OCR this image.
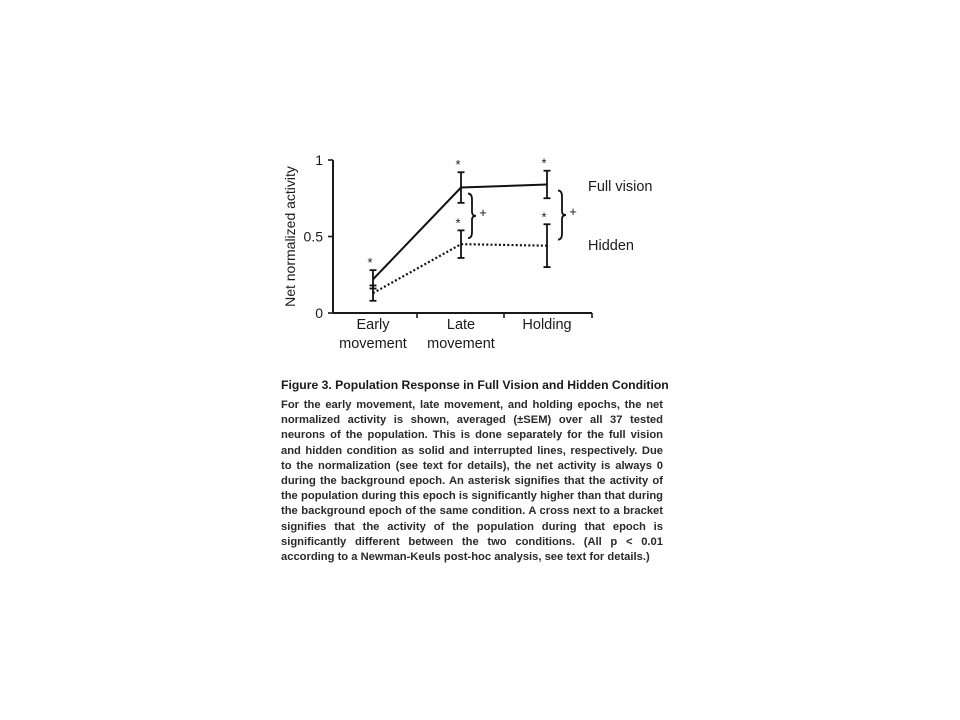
0
0.5
1
Net normalized activity
Early
movement
Late
movement
Holding
*
*	*
*	*
Full vision
Hidden
+	+

Figure 3. Population Response in Full Vision and Hidden Condition

For the early movement, late movement, and holding epochs, the net normalized activity is shown, averaged (±SEM) over all 37 tested neurons of the population. This is done separately for the full vision and hidden condition as solid and interrupted lines, respectively. Due to the normalization (see text for details), the net activity is always 0 during the background epoch. An asterisk signifies that the activity of the population during this epoch is significantly higher than that during the background epoch of the same condition. A cross next to a bracket signifies that the activity of the population during that epoch is significantly different between the two conditions. (All p < 0.01 according to a Newman-Keuls post-hoc analysis, see text for details.)
